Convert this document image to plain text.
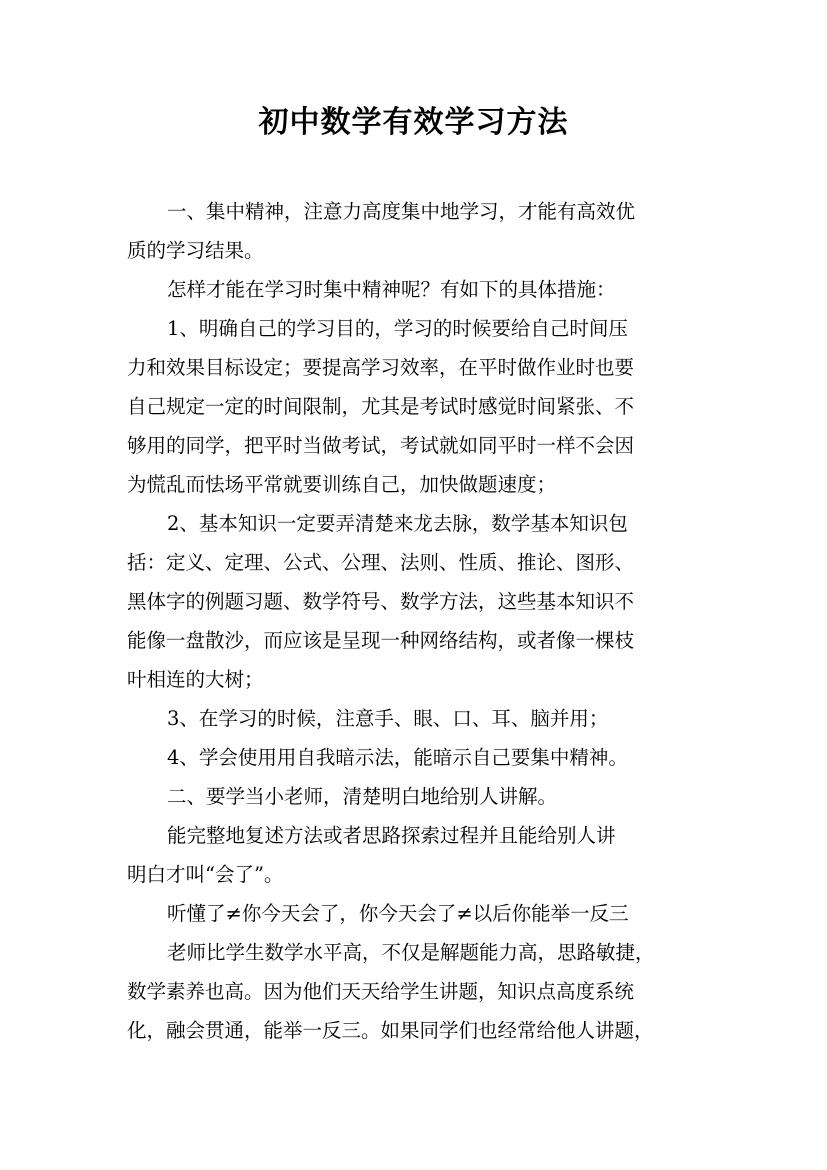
初中数学有效学习方法
一、集中精神，注意力高度集中地学习，才能有高效优
质的学习结果。
怎样才能在学习时集中精神呢？有如下的具体措施：
1、明确自己的学习目的，学习的时候要给自己时间压
力和效果目标设定；要提高学习效率，在平时做作业时也要
自己规定一定的时间限制，尤其是考试时感觉时间紧张、不
够用的同学，把平时当做考试，考试就如同平时一样不会因
为慌乱而怯场平常就要训练自己，加快做题速度；
2、基本知识一定要弄清楚来龙去脉，数学基本知识包
括：定义、定理、公式、公理、法则、性质、推论、图形、
黑体字的例题习题、数学符号、数学方法，这些基本知识不
能像一盘散沙，而应该是呈现一种网络结构，或者像一棵枝
叶相连的大树；
3、在学习的时候，注意手、眼、口、耳、脑并用；
4、学会使用用自我暗示法，能暗示自己要集中精神。
二、要学当小老师，清楚明白地给别人讲解。
能完整地复述方法或者思路探索过程并且能给别人讲
明白才叫“会了”。
听懂了≠你今天会了，你今天会了≠以后你能举一反三
老师比学生数学水平高，不仅是解题能力高，思路敏捷，
数学素养也高。因为他们天天给学生讲题，知识点高度系统
化，融会贯通，能举一反三。如果同学们也经常给他人讲题，
